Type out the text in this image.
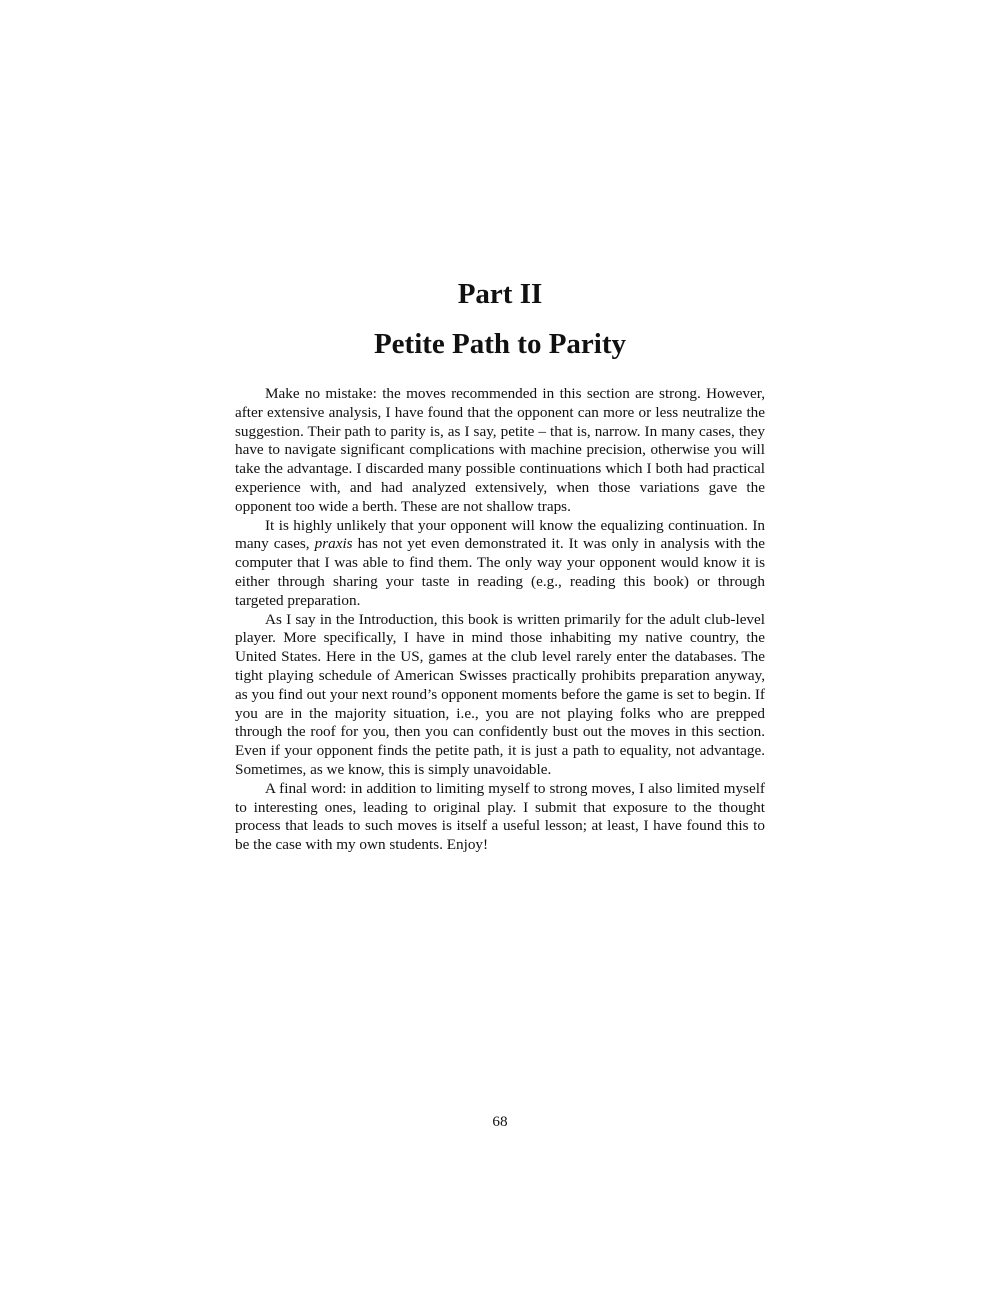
Part II
Petite Path to Parity

Make no mistake: the moves recommended in this section are strong. However, after extensive analysis, I have found that the opponent can more or less neutralize the suggestion. Their path to parity is, as I say, petite – that is, narrow. In many cases, they have to navigate significant complications with machine precision, otherwise you will take the advantage. I discarded many possible continuations which I both had practical experience with, and had analyzed extensively, when those variations gave the opponent too wide a berth. These are not shallow traps.

It is highly unlikely that your opponent will know the equalizing continuation. In many cases, praxis has not yet even demonstrated it. It was only in analysis with the computer that I was able to find them. The only way your opponent would know it is either through sharing your taste in reading (e.g., reading this book) or through targeted preparation.

As I say in the Introduction, this book is written primarily for the adult club-level player. More specifically, I have in mind those inhabiting my native country, the United States. Here in the US, games at the club level rarely enter the databases. The tight playing schedule of American Swisses practically prohibits preparation anyway, as you find out your next round’s opponent moments before the game is set to begin. If you are in the majority situation, i.e., you are not playing folks who are prepped through the roof for you, then you can confidently bust out the moves in this section. Even if your opponent finds the petite path, it is just a path to equality, not advantage. Sometimes, as we know, this is simply unavoidable.

A final word: in addition to limiting myself to strong moves, I also limited myself to interesting ones, leading to original play. I submit that exposure to the thought process that leads to such moves is itself a useful lesson; at least, I have found this to be the case with my own students. Enjoy!

68
